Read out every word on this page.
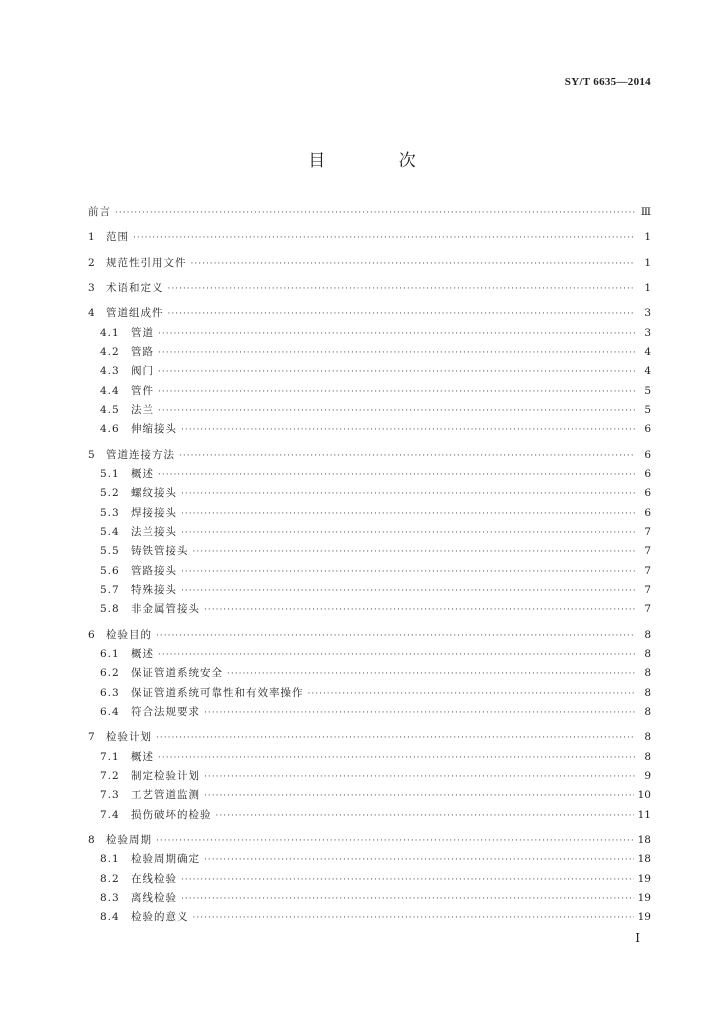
SY/T 6635—2014
目 次
前言 ·····	Ⅲ
1	范围 ·····	1
2	规范性引用文件 ·····	1
3	术语和定义 ·····	1
4	管道组成件 ·····	3
4.1	管道 ·····	3
4.2	管路 ·····	4
4.3	阀门 ·····	4
4.4	管件 ·····	5
4.5	法兰 ·····	5
4.6	伸缩接头 ·····	6
5	管道连接方法 ·····	6
5.1	概述 ·····	6
5.2	螺纹接头 ·····	6
5.3	焊接接头 ·····	6
5.4	法兰接头 ·····	7
5.5	铸铁管接头 ·····	7
5.6	管路接头 ·····	7
5.7	特殊接头 ·····	7
5.8	非金属管接头 ·····	7
6	检验目的 ·····	8
6.1	概述 ·····	8
6.2	保证管道系统安全 ·····	8
6.3	保证管道系统可靠性和有效率操作 ·····	8
6.4	符合法规要求 ·····	8
7	检验计划 ·····	8
7.1	概述 ·····	8
7.2	制定检验计划 ·····	9
7.3	工艺管道监测 ·····	10
7.4	损伤破坏的检验 ·····	11
8	检验周期 ·····	18
8.1	检验周期确定 ·····	18
8.2	在线检验 ·····	19
8.3	离线检验 ·····	19
8.4	检验的意义 ·····	19
Ⅰ
